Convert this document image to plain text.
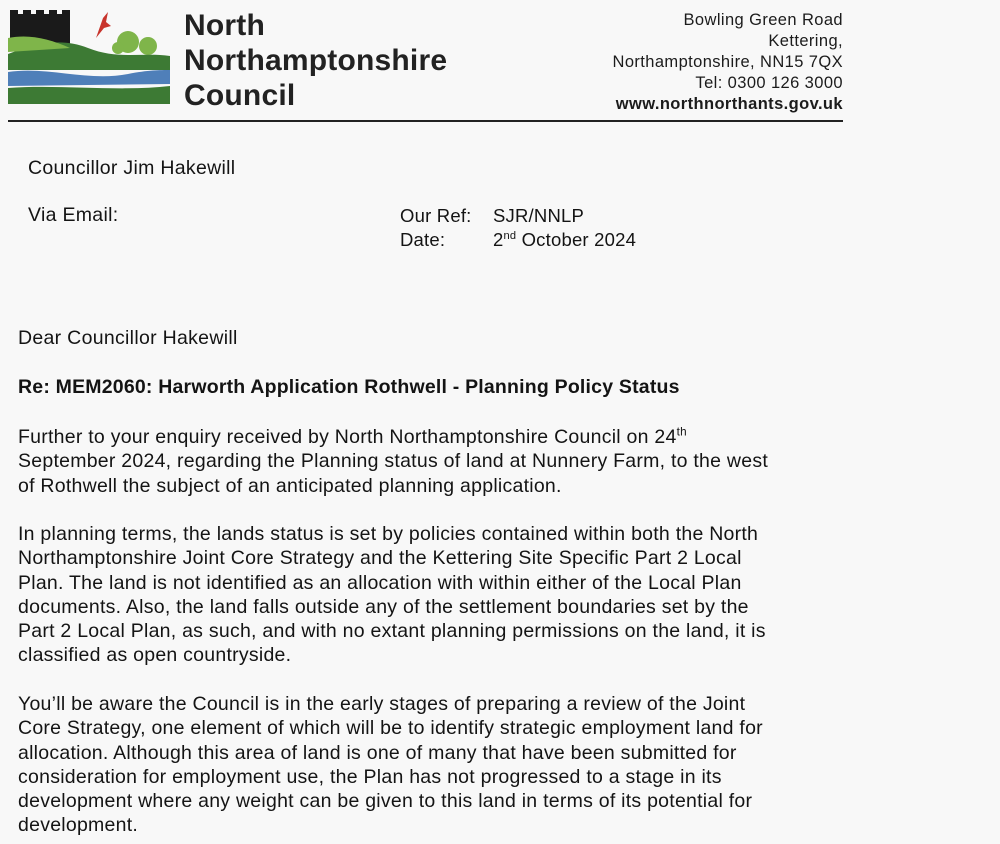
North
Northamptonshire
Council
Bowling Green Road
Kettering,
Northamptonshire, NN15 7QX
Tel: 0300 126 3000
www.northnorthants.gov.uk
Councillor Jim Hakewill
Via Email:	Our Ref: SJR/NNLP
Date:	2nd October 2024
Dear Councillor Hakewill
Re: MEM2060: Harworth Application Rothwell - Planning Policy Status
Further to your enquiry received by North Northamptonshire Council on 24th
September 2024, regarding the Planning status of land at Nunnery Farm, to the west
of Rothwell the subject of an anticipated planning application.
In planning terms, the lands status is set by policies contained within both the North
Northamptonshire Joint Core Strategy and the Kettering Site Specific Part 2 Local
Plan. The land is not identified as an allocation with within either of the Local Plan
documents. Also, the land falls outside any of the settlement boundaries set by the
Part 2 Local Plan, as such, and with no extant planning permissions on the land, it is
classified as open countryside.
You’ll be aware the Council is in the early stages of preparing a review of the Joint
Core Strategy, one element of which will be to identify strategic employment land for
allocation. Although this area of land is one of many that have been submitted for
consideration for employment use, the Plan has not progressed to a stage in its
development where any weight can be given to this land in terms of its potential for
development.
